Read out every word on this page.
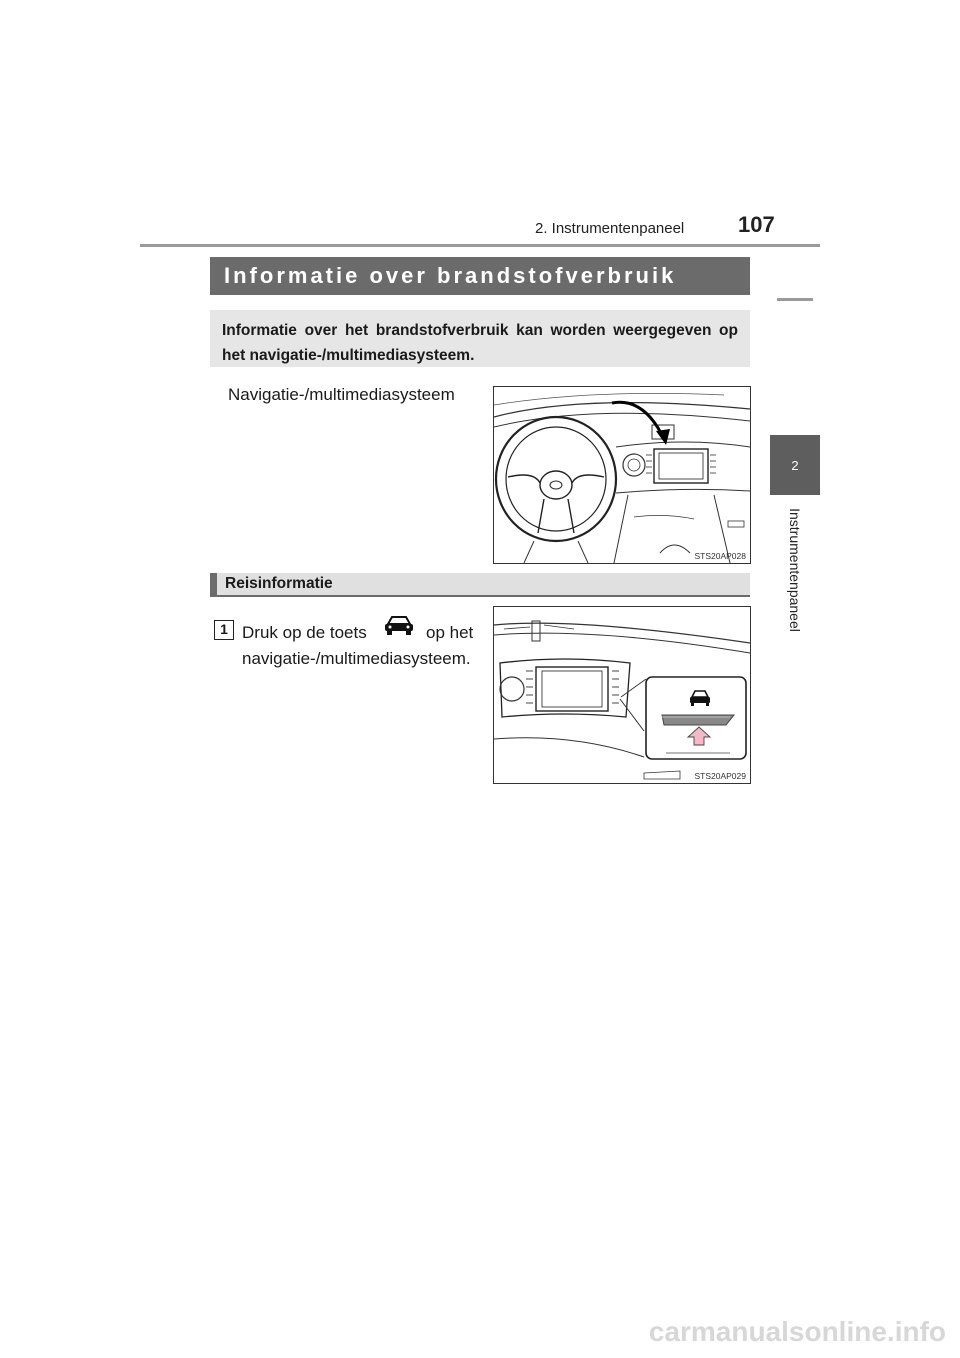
2. Instrumentenpaneel 107
2
Instrumentenpaneel
Informatie over brandstofverbruik
Informatie over het brandstofverbruik kan worden weergegeven op het navigatie-/multimediasysteem.
Navigatie-/multimediasysteem
STS20AP028
Reisinformatie
1 Druk op de toets	op het
navigatie-/multimediasysteem.
STS20AP029
carmanualsonline.info
